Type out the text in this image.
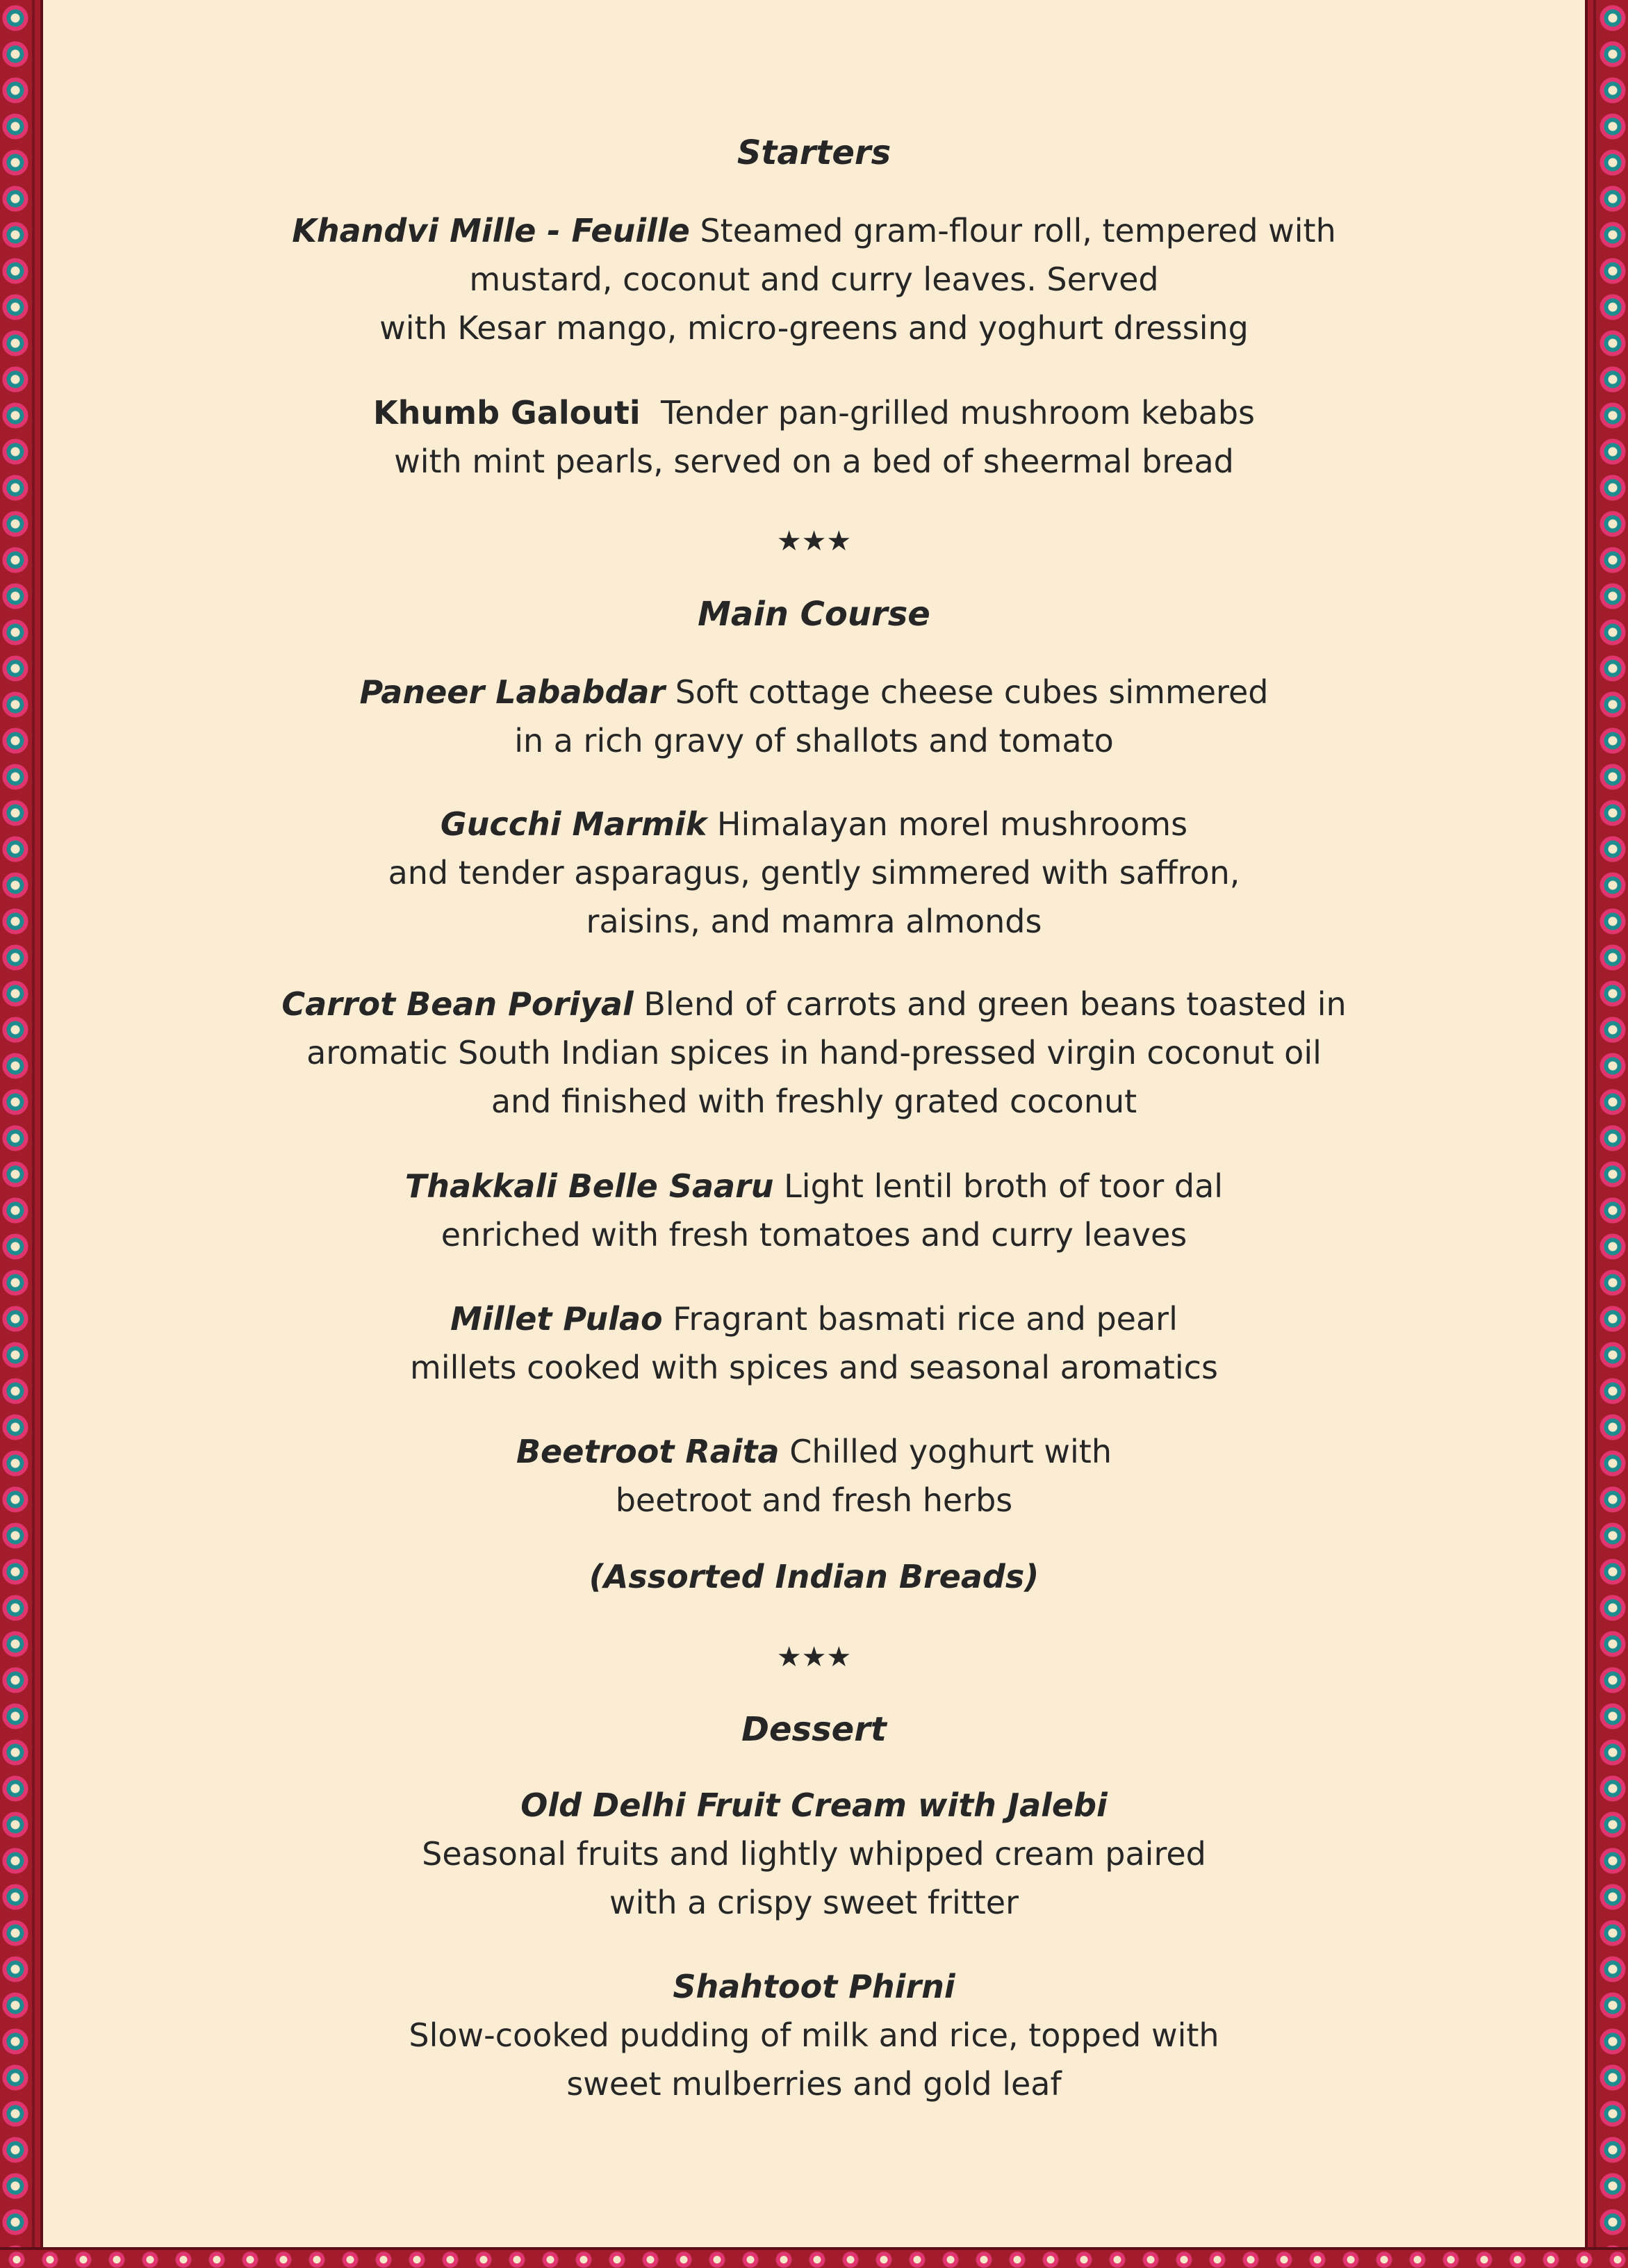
Starters

Khandvi Mille - Feuille Steamed gram-flour roll, tempered with
mustard, coconut and curry leaves. Served
with Kesar mango, micro-greens and yoghurt dressing
Khumb Galouti Tender pan-grilled mushroom kebabs
with mint pearls, served on a bed of sheermal bread

★★★

Main Course

Paneer Lababdar Soft cottage cheese cubes simmered
in a rich gravy of shallots and tomato
Gucchi Marmik Himalayan morel mushrooms
and tender asparagus, gently simmered with saffron,
raisins, and mamra almonds
Carrot Bean Poriyal Blend of carrots and green beans toasted in
aromatic South Indian spices in hand-pressed virgin coconut oil
and finished with freshly grated coconut
Thakkali Belle Saaru Light lentil broth of toor dal
enriched with fresh tomatoes and curry leaves
Millet Pulao Fragrant basmati rice and pearl
millets cooked with spices and seasonal aromatics
Beetroot Raita Chilled yoghurt with
beetroot and fresh herbs

(Assorted Indian Breads)

★★★

Dessert

Old Delhi Fruit Cream with Jalebi
Seasonal fruits and lightly whipped cream paired
with a crispy sweet fritter
Shahtoot Phirni
Slow-cooked pudding of milk and rice, topped with
sweet mulberries and gold leaf
